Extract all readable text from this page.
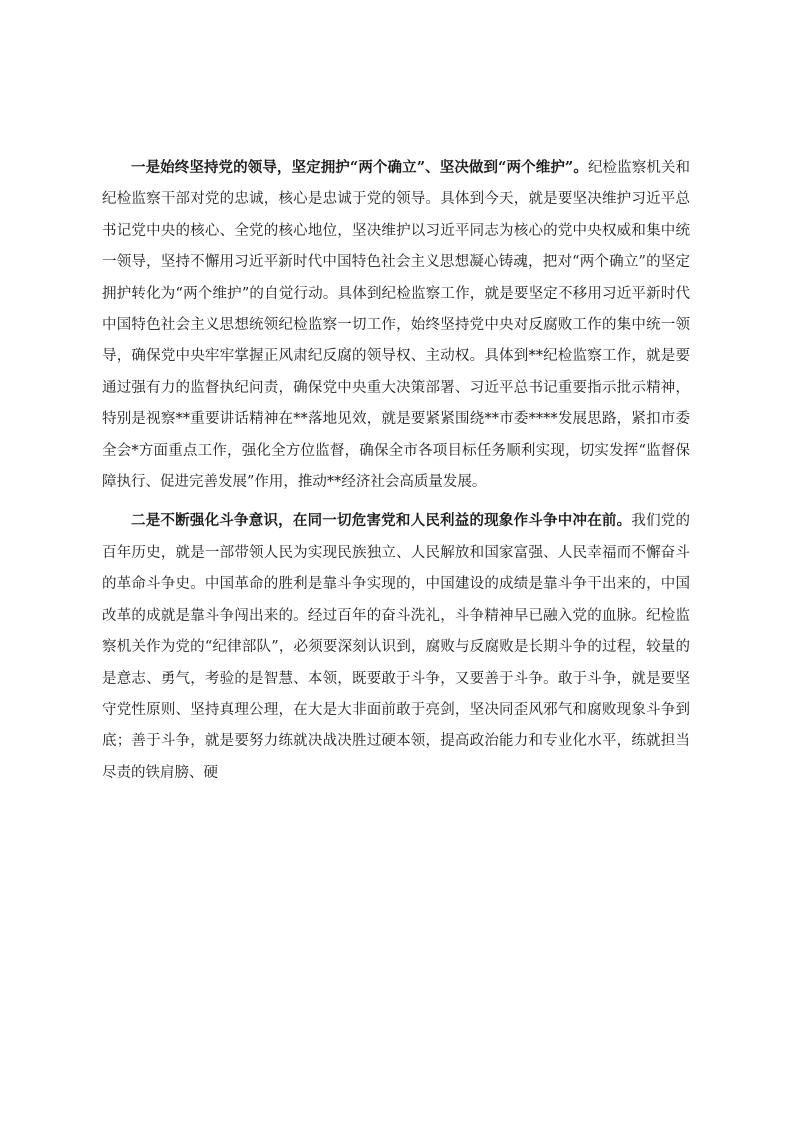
一是始终坚持党的领导，坚定拥护“两个确立”、坚决做到“两个维护”。纪检监察机关和纪检监察干部对党的忠诚，核心是忠诚于党的领导。具体到今天，就是要坚决维护习近平总书记党中央的核心、全党的核心地位，坚决维护以习近平同志为核心的党中央权威和集中统一领导，坚持不懈用习近平新时代中国特色社会主义思想凝心铸魂，把对“两个确立”的坚定拥护转化为“两个维护”的自觉行动。具体到纪检监察工作，就是要坚定不移用习近平新时代中国特色社会主义思想统领纪检监察一切工作，始终坚持党中央对反腐败工作的集中统一领导，确保党中央牢牢掌握正风肃纪反腐的领导权、主动权。具体到**纪检监察工作，就是要通过强有力的监督执纪问责，确保党中央重大决策部署、习近平总书记重要指示批示精神，特别是视察**重要讲话精神在**落地见效，就是要紧紧围绕**市委****发展思路，紧扣市委全会*方面重点工作，强化全方位监督，确保全市各项目标任务顺利实现，切实发挥“监督保障执行、促进完善发展”作用，推动**经济社会高质量发展。

二是不断强化斗争意识，在同一切危害党和人民利益的现象作斗争中冲在前。我们党的百年历史，就是一部带领人民为实现民族独立、人民解放和国家富强、人民幸福而不懈奋斗的革命斗争史。中国革命的胜利是靠斗争实现的，中国建设的成绩是靠斗争干出来的，中国改革的成就是靠斗争闯出来的。经过百年的奋斗洗礼，斗争精神早已融入党的血脉。纪检监察机关作为党的“纪律部队”，必须要深刻认识到，腐败与反腐败是长期斗争的过程，较量的是意志、勇气，考验的是智慧、本领，既要敢于斗争，又要善于斗争。敢于斗争，就是要坚守党性原则、坚持真理公理，在大是大非面前敢于亮剑，坚决同歪风邪气和腐败现象斗争到底；善于斗争，就是要努力练就决战决胜过硬本领，提高政治能力和专业化水平，练就担当尽责的铁肩膀、硬
